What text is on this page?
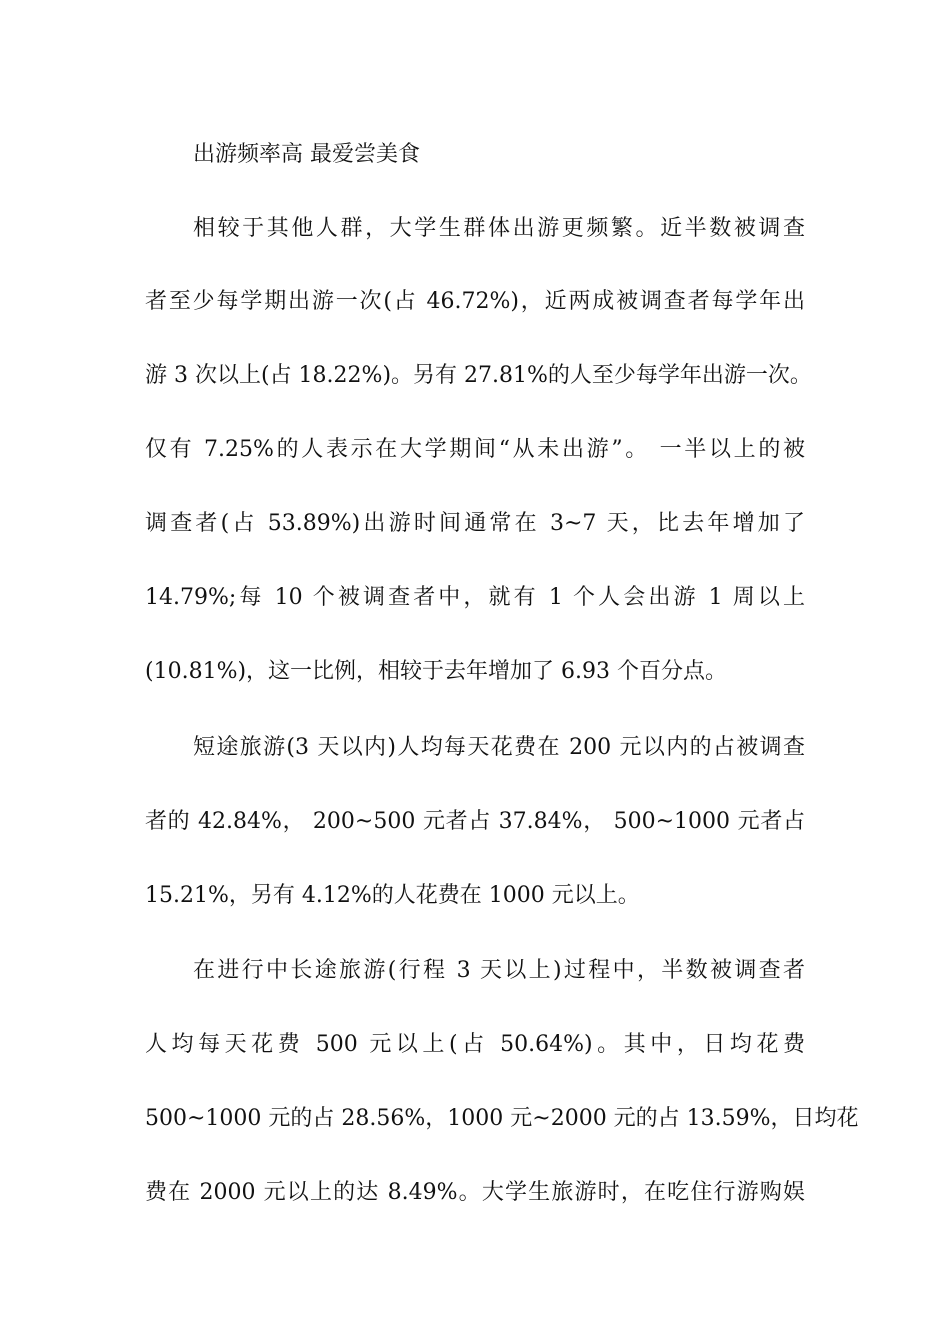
出游频率高 最爱尝美食
相较于其他人群，大学生群体出游更频繁。近半数被调查
者至少每学期出游一次(占 46.72%)，近两成被调查者每学年出
游 3 次以上(占 18.22%)。另有 27.81%的人至少每学年出游一次。
仅有 7.25%的人表示在大学期间“从未出游”。 一半以上的被
调查者(占 53.89%)出游时间通常在 3~7 天，比去年增加了
14.79%;每 10 个被调查者中，就有 1 个人会出游 1 周以上
(10.81%)，这一比例，相较于去年增加了 6.93 个百分点。
短途旅游(3 天以内)人均每天花费在 200 元以内的占被调查
者的 42.84%， 200~500 元者占 37.84%， 500~1000 元者占
15.21%，另有 4.12%的人花费在 1000 元以上。
在进行中长途旅游(行程 3 天以上)过程中，半数被调查者
人均每天花费 500 元以上(占 50.64%)。其中，日均花费
500~1000 元的占 28.56%，1000 元~2000 元的占 13.59%，日均花
费在 2000 元以上的达 8.49%。大学生旅游时，在吃住行游购娱
